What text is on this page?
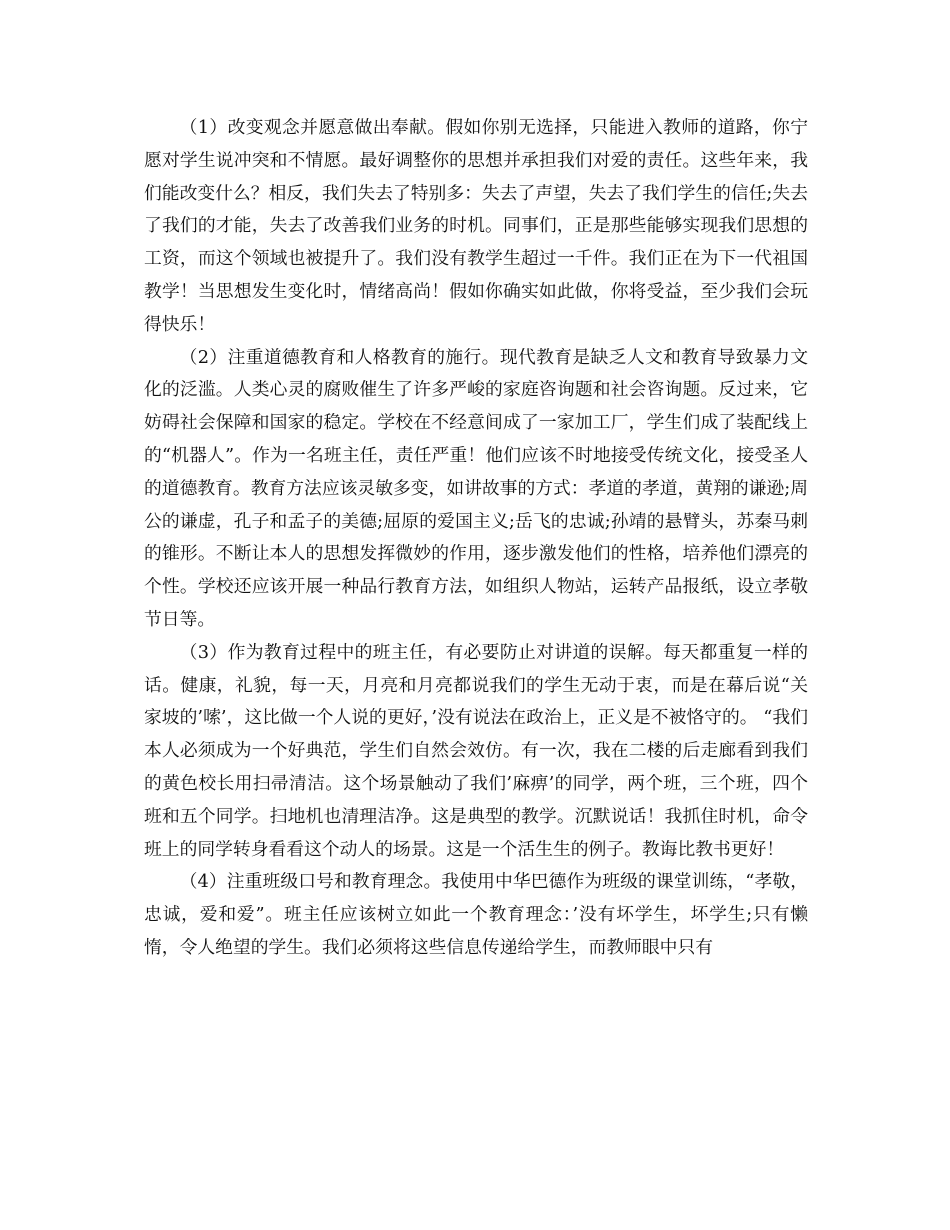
（1）改变观念并愿意做出奉献。假如你别无选择，只能进入教师的道路，你宁愿对学生说冲突和不情愿。最好调整你的思想并承担我们对爱的责任。这些年来，我们能改变什么？相反，我们失去了特别多：失去了声望，失去了我们学生的信任;失去了我们的才能，失去了改善我们业务的时机。同事们，正是那些能够实现我们思想的工资，而这个领域也被提升了。我们没有教学生超过一千件。我们正在为下一代祖国教学！当思想发生变化时，情绪高尚！假如你确实如此做，你将受益，至少我们会玩得快乐！

（2）注重道德教育和人格教育的施行。现代教育是缺乏人文和教育导致暴力文化的泛滥。人类心灵的腐败催生了许多严峻的家庭咨询题和社会咨询题。反过来，它妨碍社会保障和国家的稳定。学校在不经意间成了一家加工厂，学生们成了装配线上的“机器人”。作为一名班主任，责任严重！他们应该不时地接受传统文化，接受圣人的道德教育。教育方法应该灵敏多变，如讲故事的方式：孝道的孝道，黄翔的谦逊;周公的谦虚，孔子和孟子的美德;屈原的爱国主义;岳飞的忠诚;孙靖的悬臂头，苏秦马刺的锥形。不断让本人的思想发挥微妙的作用，逐步激发他们的性格，培养他们漂亮的个性。学校还应该开展一种品行教育方法，如组织人物站，运转产品报纸，设立孝敬节日等。

（3）作为教育过程中的班主任，有必要防止对讲道的误解。每天都重复一样的话。健康，礼貌，每一天，月亮和月亮都说我们的学生无动于衷，而是在幕后说“关家坡的’嗦’，这比做一个人说的更好，’没有说法在政治上，正义是不被恪守的。 “我们本人必须成为一个好典范，学生们自然会效仿。有一次，我在二楼的后走廊看到我们的黄色校长用扫帚清洁。这个场景触动了我们’麻痹’的同学，两个班，三个班，四个班和五个同学。扫地机也清理洁净。这是典型的教学。沉默说话！我抓住时机，命令班上的同学转身看看这个动人的场景。这是一个活生生的例子。教诲比教书更好！

（4）注重班级口号和教育理念。我使用中华巴德作为班级的课堂训练，“孝敬，忠诚，爱和爱”。班主任应该树立如此一个教育理念：’没有坏学生，坏学生;只有懒惰，令人绝望的学生。我们必须将这些信息传递给学生，而教师眼中只有
